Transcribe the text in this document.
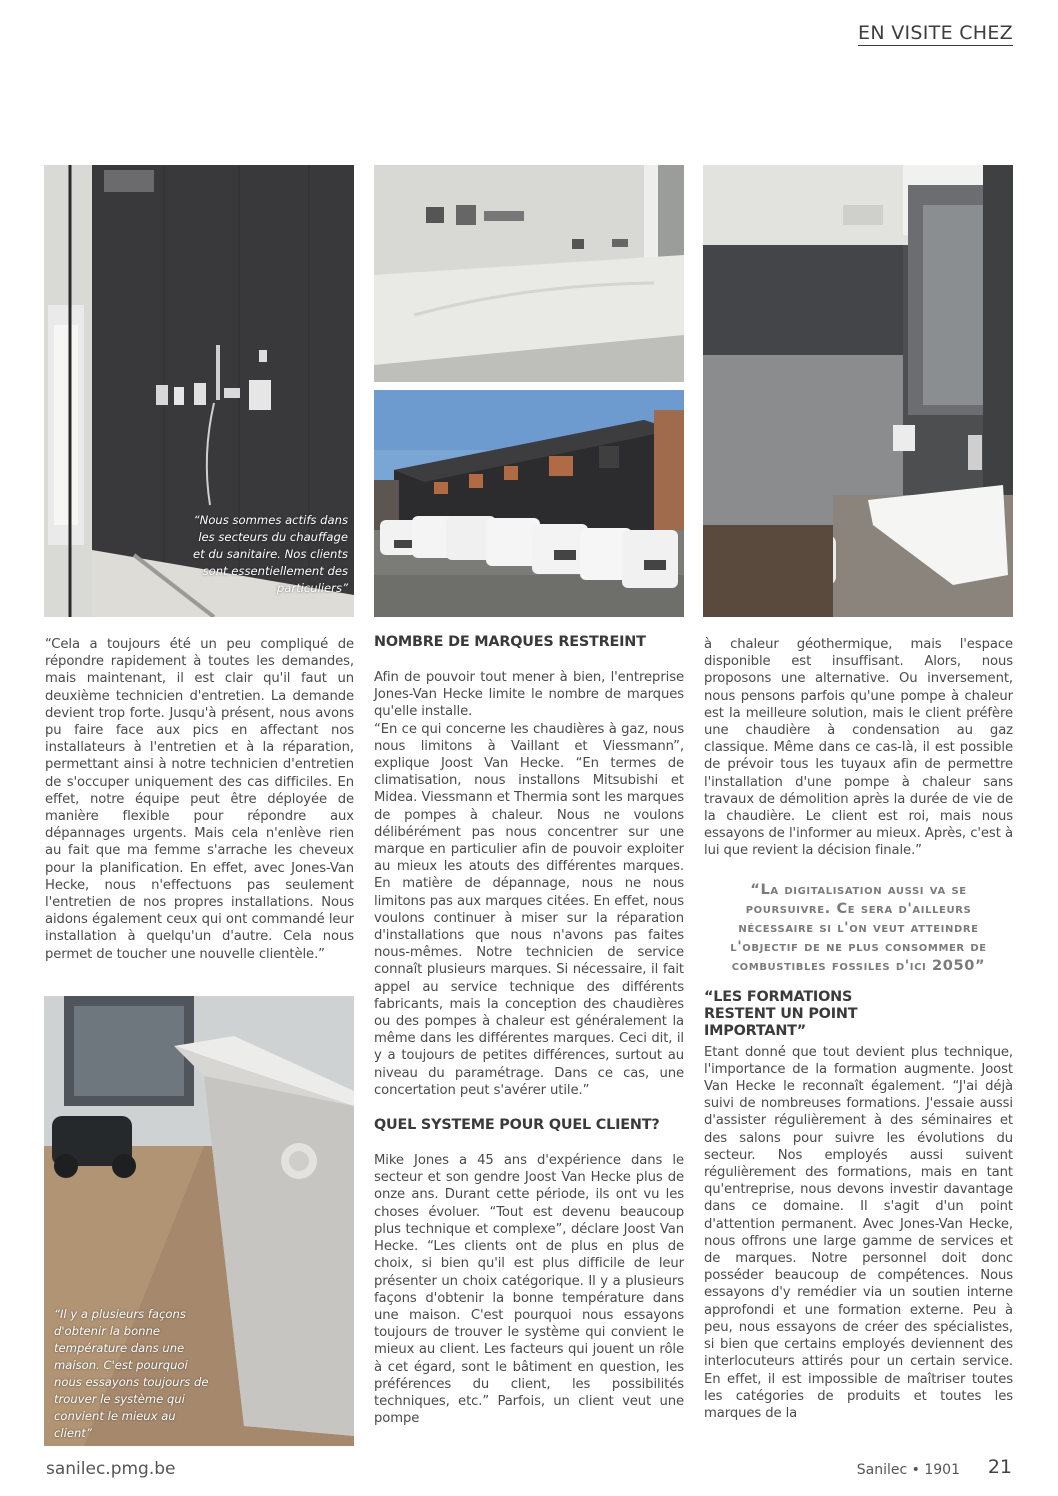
EN VISITE CHEZ
“Nous sommes actifs dans les secteurs du chauffage et du sanitaire. Nos clients sont essentiellement des particuliers”
“Il y a plusieurs façons d'obtenir la bonne température dans une maison. C'est pourquoi nous essayons toujours de trouver le système qui convient le mieux au client”

“Cela a toujours été un peu compliqué de répondre rapidement à toutes les demandes, mais maintenant, il est clair qu'il faut un deuxième technicien d'entretien. La demande devient trop forte. Jusqu'à présent, nous avons pu faire face aux pics en affectant nos installateurs à l'entretien et à la réparation, permettant ainsi à notre technicien d'entretien de s'occuper uniquement des cas difficiles. En effet, notre équipe peut être déployée de manière flexible pour répondre aux dépannages urgents. Mais cela n'enlève rien au fait que ma femme s'arrache les cheveux pour la planification. En effet, avec Jones-Van Hecke, nous n'effectuons pas seulement l'entretien de nos propres installations. Nous aidons également ceux qui ont commandé leur installation à quelqu'un d'autre. Cela nous permet de toucher une nouvelle clientèle.”

NOMBRE DE MARQUES RESTREINT

Afin de pouvoir tout mener à bien, l'entreprise Jones-Van Hecke limite le nombre de marques qu'elle installe.

“En ce qui concerne les chaudières à gaz, nous nous limitons à Vaillant et Viessmann”, explique Joost Van Hecke. “En termes de climatisation, nous installons Mitsubishi et Midea. Viessmann et Thermia sont les marques de pompes à chaleur. Nous ne voulons délibérément pas nous concentrer sur une marque en particulier afin de pouvoir exploiter au mieux les atouts des différentes marques. En matière de dépannage, nous ne nous limitons pas aux marques citées. En effet, nous voulons continuer à miser sur la réparation d'installations que nous n'avons pas faites nous-mêmes. Notre technicien de service connaît plusieurs marques. Si nécessaire, il fait appel au service technique des différents fabricants, mais la conception des chaudières ou des pompes à chaleur est généralement la même dans les différentes marques. Ceci dit, il y a toujours de petites différences, surtout au niveau du paramétrage. Dans ce cas, une concertation peut s'avérer utile.”

QUEL SYSTEME POUR QUEL CLIENT?

Mike Jones a 45 ans d'expérience dans le secteur et son gendre Joost Van Hecke plus de onze ans. Durant cette période, ils ont vu les choses évoluer. “Tout est devenu beaucoup plus technique et complexe”, déclare Joost Van Hecke. “Les clients ont de plus en plus de choix, si bien qu'il est plus difficile de leur présenter un choix catégorique. Il y a plusieurs façons d'obtenir la bonne température dans une maison. C'est pourquoi nous essayons toujours de trouver le système qui convient le mieux au client. Les facteurs qui jouent un rôle à cet égard, sont le bâtiment en question, les préférences du client, les possibilités techniques, etc.” Parfois, un client veut une pompe

à chaleur géothermique, mais l'espace disponible est insuffisant. Alors, nous proposons une alternative. Ou inversement, nous pensons parfois qu'une pompe à chaleur est la meilleure solution, mais le client préfère une chaudière à condensation au gaz classique. Même dans ce cas-là, il est possible de prévoir tous les tuyaux afin de permettre l'installation d'une pompe à chaleur sans travaux de démolition après la durée de vie de la chaudière. Le client est roi, mais nous essayons de l'informer au mieux. Après, c'est à lui que revient la décision finale.”

“La digitalisation aussi va se poursuivre. Ce sera d'ailleurs nécessaire si l'on veut atteindre l'objectif de ne plus consommer de combustibles fossiles d'ici 2050”

“LES FORMATIONS RESTENT UN POINT IMPORTANT”

Etant donné que tout devient plus technique, l'importance de la formation augmente. Joost Van Hecke le reconnaît également. “J'ai déjà suivi de nombreuses formations. J'essaie aussi d'assister régulièrement à des séminaires et des salons pour suivre les évolutions du secteur. Nos employés aussi suivent régulièrement des formations, mais en tant qu'entreprise, nous devons investir davantage dans ce domaine. Il s'agit d'un point d'attention permanent. Avec Jones-Van Hecke, nous offrons une large gamme de services et de marques. Notre personnel doit donc posséder beaucoup de compétences. Nous essayons d'y remédier via un soutien interne approfondi et une formation externe. Peu à peu, nous essayons de créer des spécialistes, si bien que certains employés deviennent des interlocuteurs attirés pour un certain service. En effet, il est impossible de maîtriser toutes les catégories de produits et toutes les marques de la

sanilec.pmg.be	Sanilec • 1901 21
